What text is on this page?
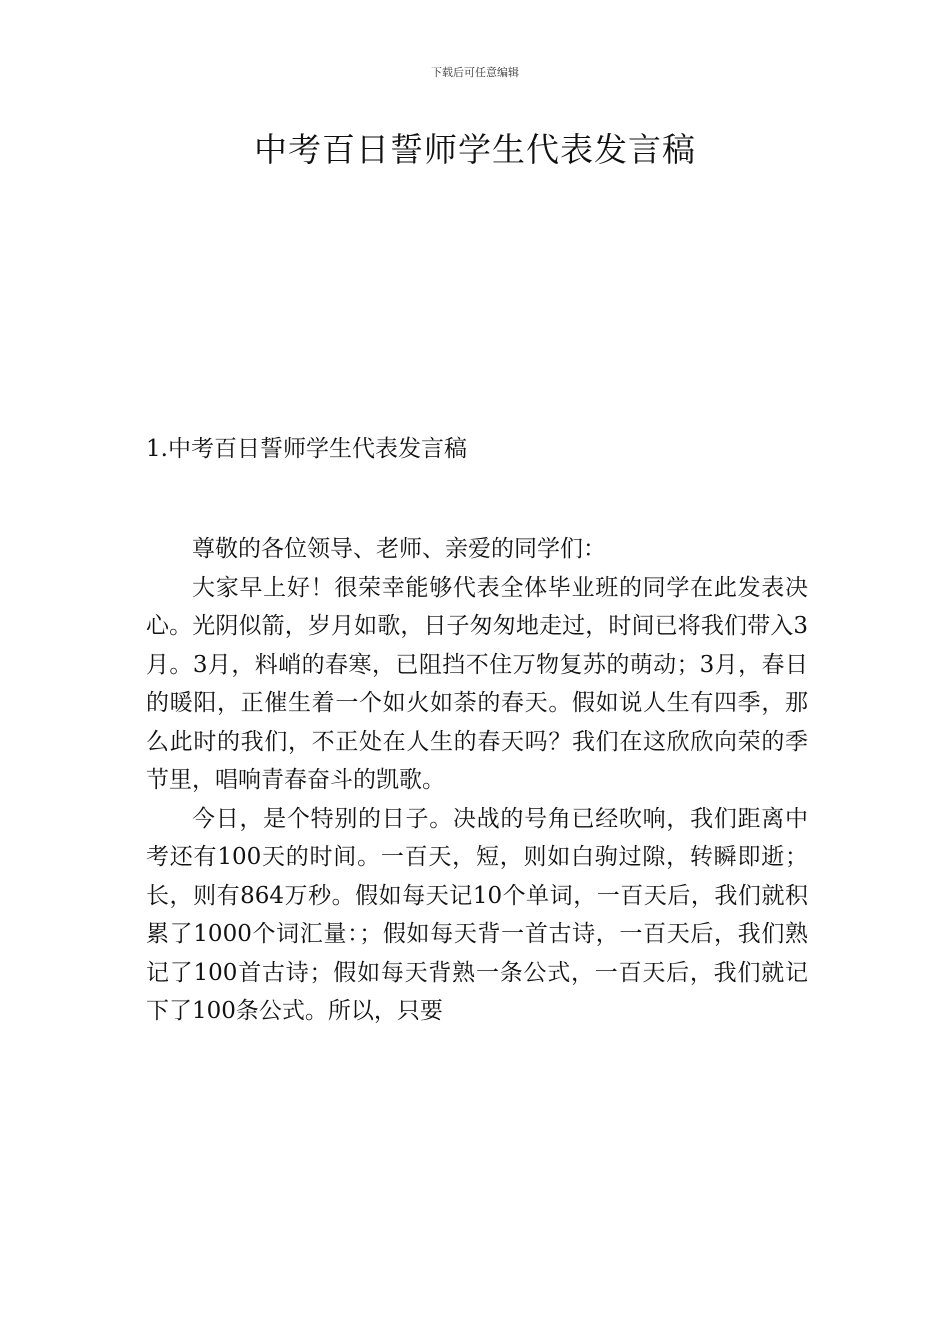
下载后可任意编辑
中考百日誓师学生代表发言稿
1.中考百日誓师学生代表发言稿

尊敬的各位领导、老师、亲爱的同学们：

大家早上好！很荣幸能够代表全体毕业班的同学在此发表决心。光阴似箭，岁月如歌，日子匆匆地走过，时间已将我们带入3月。3月，料峭的春寒，已阻挡不住万物复苏的萌动；3月，春日的暖阳，正催生着一个如火如荼的春天。假如说人生有四季，那么此时的我们，不正处在人生的春天吗？我们在这欣欣向荣的季节里，唱响青春奋斗的凯歌。

今日，是个特别的日子。决战的号角已经吹响，我们距离中考还有100天的时间。一百天，短，则如白驹过隙，转瞬即逝；长，则有864万秒。假如每天记10个单词，一百天后，我们就积累了1000个词汇量：；假如每天背一首古诗，一百天后，我们熟记了100首古诗；假如每天背熟一条公式，一百天后，我们就记下了100条公式。所以，只要
